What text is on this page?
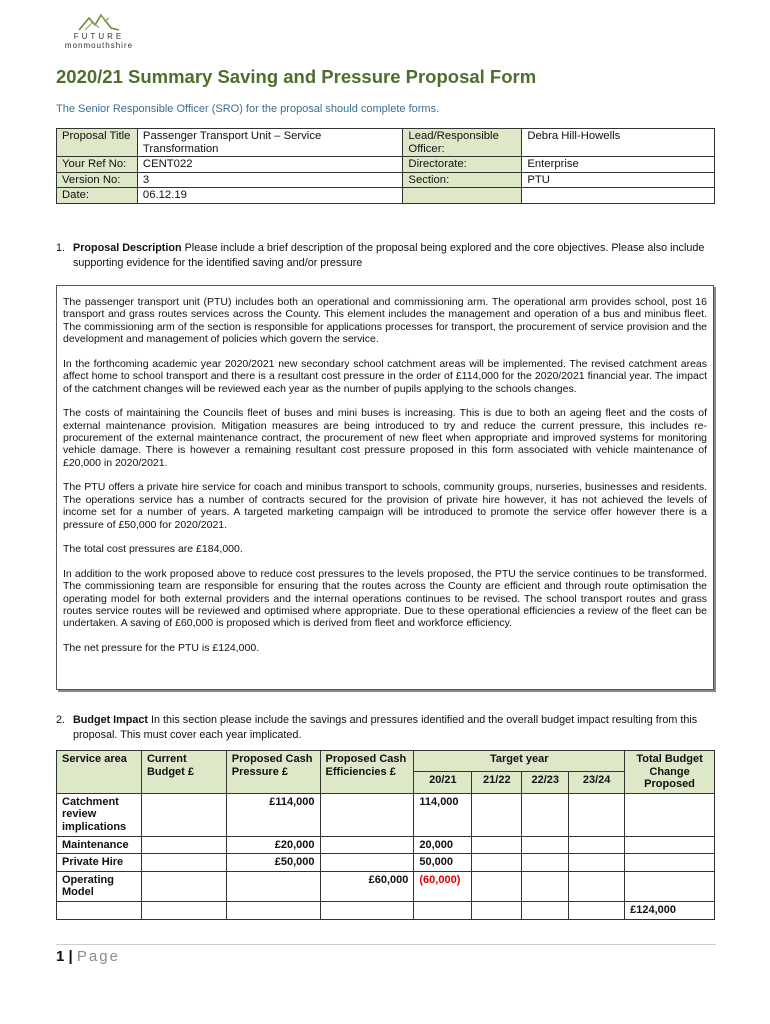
FUTURE
monmouthshire
2020/21 Summary Saving and Pressure Proposal Form
The Senior Responsible Officer (SRO) for the proposal should complete forms.
Proposal Title	Passenger Transport Unit – Service Transformation	Lead/Responsible Officer:	Debra Hill-Howells
Your Ref No:	CENT022	Directorate:	Enterprise
Version No:	3	Section:	PTU
Date:	06.12.19		
1. Proposal Description Please include a brief description of the proposal being explored and the core objectives. Please also include supporting evidence for the identified saving and/or pressure

The passenger transport unit (PTU) includes both an operational and commissioning arm. The operational arm provides school, post 16 transport and grass routes services across the County. This element includes the management and operation of a bus and minibus fleet. The commissioning arm of the section is responsible for applications processes for transport, the procurement of service provision and the development and management of policies which govern the service.

In the forthcoming academic year 2020/2021 new secondary school catchment areas will be implemented. The revised catchment areas affect home to school transport and there is a resultant cost pressure in the order of £114,000 for the 2020/2021 financial year. The impact of the catchment changes will be reviewed each year as the number of pupils applying to the schools changes.

The costs of maintaining the Councils fleet of buses and mini buses is increasing. This is due to both an ageing fleet and the costs of external maintenance provision. Mitigation measures are being introduced to try and reduce the current pressure, this includes re-procurement of the external maintenance contract, the procurement of new fleet when appropriate and improved systems for monitoring vehicle damage. There is however a remaining resultant cost pressure proposed in this form associated with vehicle maintenance of £20,000 in 2020/2021.

The PTU offers a private hire service for coach and minibus transport to schools, community groups, nurseries, businesses and residents. The operations service has a number of contracts secured for the provision of private hire however, it has not achieved the levels of income set for a number of years. A targeted marketing campaign will be introduced to promote the service offer however there is a pressure of £50,000 for 2020/2021.

The total cost pressures are £184,000.

In addition to the work proposed above to reduce cost pressures to the levels proposed, the PTU the service continues to be transformed. The commissioning team are responsible for ensuring that the routes across the County are efficient and through route optimisation the operating model for both external providers and the internal operations continues to be revised. The school transport routes and grass routes service routes will be reviewed and optimised where appropriate. Due to these operational efficiencies a review of the fleet can be undertaken. A saving of £60,000 is proposed which is derived from fleet and workforce efficiency.

The net pressure for the PTU is £124,000.

2. Budget Impact In this section please include the savings and pressures identified and the overall budget impact resulting from this proposal. This must cover each year implicated.
Service area	Current Budget £	Proposed Cash Pressure £	Proposed Cash Efficiencies £	Target year				Total Budget Change Proposed
				20/21	21/22	22/23	23/24	
Catchment review implications		£114,000		114,000				
Maintenance		£20,000		20,000				
Private Hire		£50,000		50,000				
Operating Model			£60,000	(60,000)				
								£124,000
1 | Page
